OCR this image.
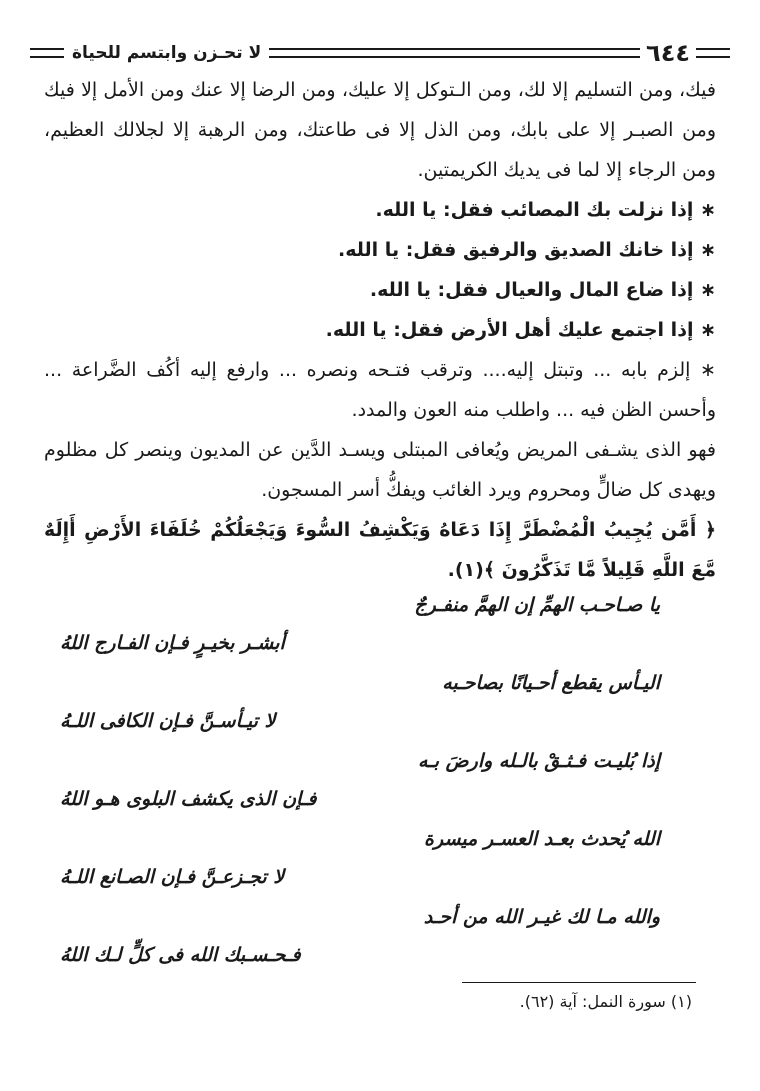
٦٤٤
لا تحـزن وابتسم للحياة

فيك، ومن التسليم إلا لك، ومن الـتوكل إلا عليك، ومن الرضا إلا عنك ومن الأمل إلا فيك ومن الصبـر إلا على بابك، ومن الذل إلا فى طاعتك، ومن الرهبة إلا لجلالك العظيم، ومن الرجاء إلا لما فى يديك الكريمتين.

∗ إذا نزلت بك المصائب فقل: يا الله.

∗ إذا خانك الصديق والرفيق فقل: يا الله.

∗ إذا ضاع المال والعيال فقل: يا الله.

∗ إذا اجتمع عليك أهل الأرض فقل: يا الله.

∗ إلزم بابه ... وتبتل إليه.... وترقب فتـحه ونصره ... وارفع إليه أكُف الضَّراعة ... وأحسن الظن فيه ... واطلب منه العون والمدد.

فهو الذى يشـفى المريض ويُعافى المبتلى ويسـد الدَّين عن المديون وينصر كل مظلوم ويهدى كل ضالٍّ ومحروم ويرد الغائب ويفكُّ أسر المسجون.

﴿ أَمَّن يُجِيبُ الْمُضْطَرَّ إِذَا دَعَاهُ وَيَكْشِفُ السُّوءَ وَيَجْعَلُكُمْ خُلَفَاءَ الأَرْضِ أَإِلَهٌ مَّعَ اللَّهِ قَلِيلاً مَّا تَذَكَّرُونَ ﴾(١).

يا صـاحـب الهمِّ إن الهمَّ منفـرجٌ
أبشـر بخيـرٍ فـإن الفـارج اللهُ
اليـأس يقطع أحـيانًا بصاحـبه
لا تيـأسـنَّ فـإن الكافى اللـهُ
إذا بُليـت فـثـقْ بالـله وارضَ بـه
فـإن الذى يكشف البلوى هـو اللهُ
الله يُحدث بعـد العسـر ميسرة
لا تجـزعـنَّ فـإن الصـانع اللـهُ
والله مـا لك غيـر الله من أحـد
فـحـسـبك الله فى كلٍّ لـك اللهُ
(١) سورة النمل: آية (٦٢).
